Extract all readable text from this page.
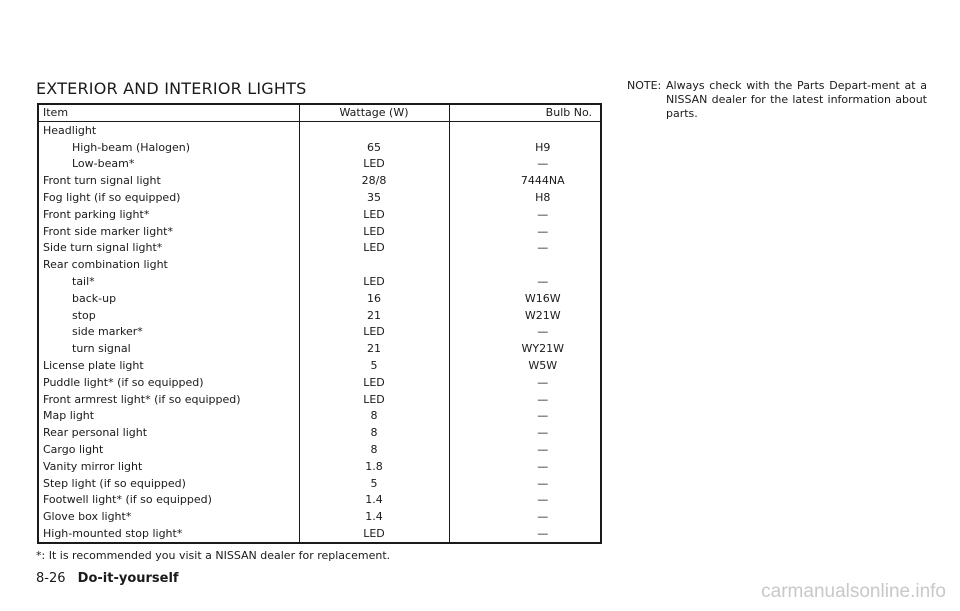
EXTERIOR AND INTERIOR LIGHTS
Item	Wattage (W)	Bulb No.
Headlight		
High-beam (Halogen)	65	H9
Low-beam*	LED	—
Front turn signal light	28/8	7444NA
Fog light (if so equipped)	35	H8
Front parking light*	LED	—
Front side marker light*	LED	—
Side turn signal light*	LED	—
Rear combination light		
tail*	LED	—
back-up	16	W16W
stop	21	W21W
side marker*	LED	—
turn signal	21	WY21W
License plate light	5	W5W
Puddle light* (if so equipped)	LED	—
Front armrest light* (if so equipped)	LED	—
Map light	8	—
Rear personal light	8	—
Cargo light	8	—
Vanity mirror light	1.8	—
Step light (if so equipped)	5	—
Footwell light* (if so equipped)	1.4	—
Glove box light*	1.4	—
High-mounted stop light*	LED	—
*: It is recommended you visit a NISSAN dealer for replacement.
NOTE: Always check with the Parts Depart-ment at a NISSAN dealer for the latest information about parts.
8-26 Do-it-yourself
carmanualsonline.info
